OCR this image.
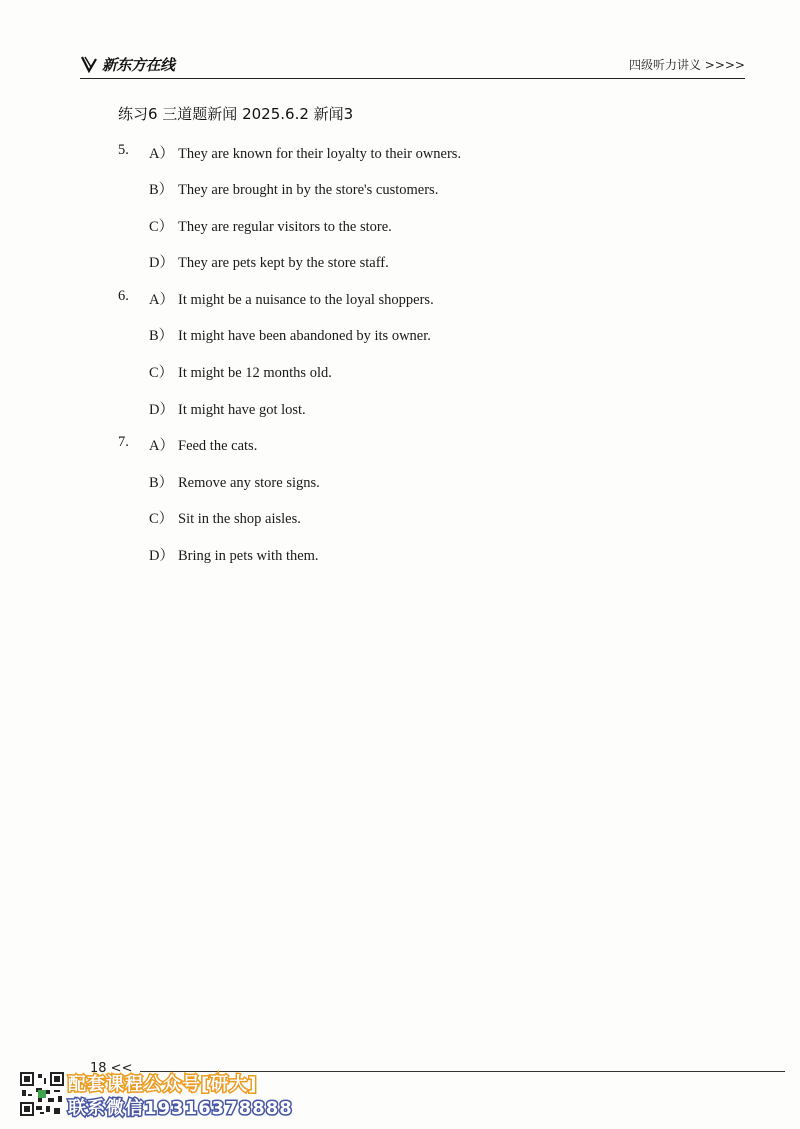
新东方在线	四级听力讲义 >>>>
练习6 三道题新闻 2025.6.2 新闻3
5. A） They are known for their loyalty to their owners.
B） They are brought in by the store's customers.
C） They are regular visitors to the store.
D） They are pets kept by the store staff.
6. A） It might be a nuisance to the loyal shoppers.
B） It might have been abandoned by its owner.
C） It might be 12 months old.
D） It might have got lost.
7. A） Feed the cats.
B） Remove any store signs.
C） Sit in the shop aisles.
D） Bring in pets with them.
18 <<
配套课程公众号[研大]
联系微信19316378888
